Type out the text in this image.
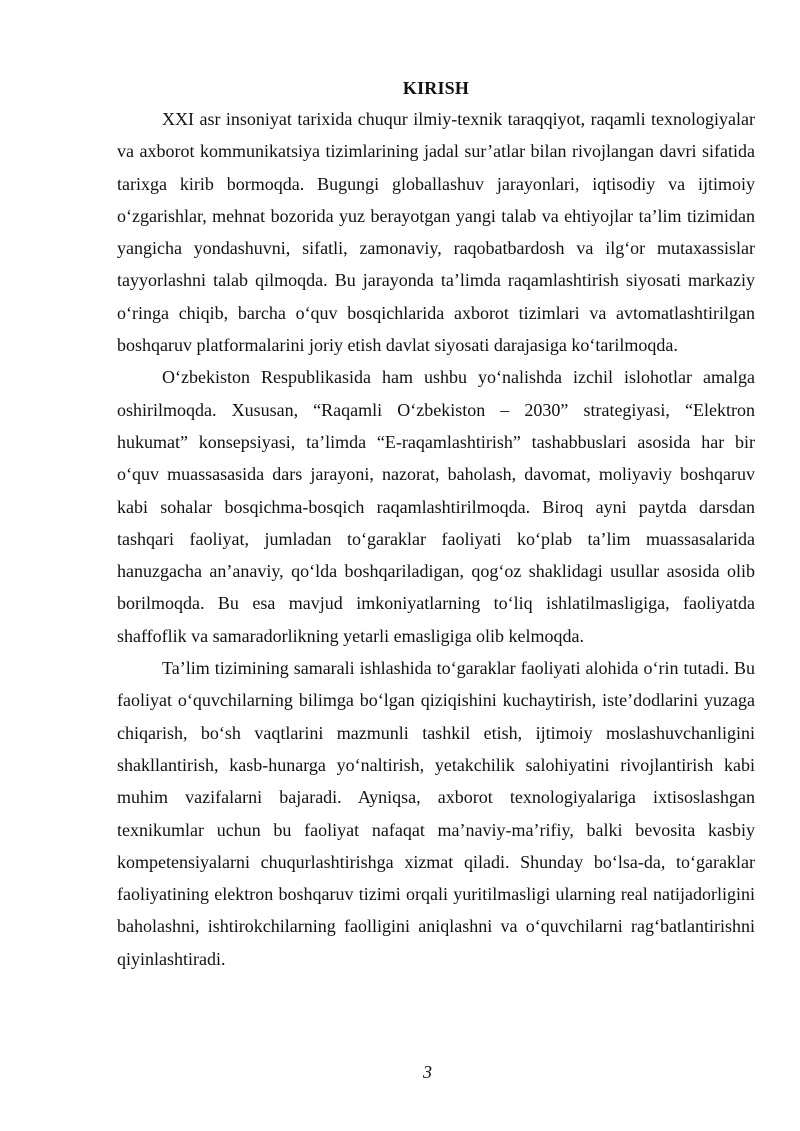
KIRISH

XXI asr insoniyat tarixida chuqur ilmiy-texnik taraqqiyot, raqamli texnologiyalar va axborot kommunikatsiya tizimlarining jadal sur’atlar bilan rivojlangan davri sifatida tarixga kirib bormoqda. Bugungi globallashuv jarayonlari, iqtisodiy va ijtimoiy o‘zgarishlar, mehnat bozorida yuz berayotgan yangi talab va ehtiyojlar ta’lim tizimidan yangicha yondashuvni, sifatli, zamonaviy, raqobatbardosh va ilg‘or mutaxassislar tayyorlashni talab qilmoqda. Bu jarayonda ta’limda raqamlashtirish siyosati markaziy o‘ringa chiqib, barcha o‘quv bosqichlarida axborot tizimlari va avtomatlashtirilgan boshqaruv platformalarini joriy etish davlat siyosati darajasiga ko‘tarilmoqda.

O‘zbekiston Respublikasida ham ushbu yo‘nalishda izchil islohotlar amalga oshirilmoqda. Xususan, “Raqamli O‘zbekiston – 2030” strategiyasi, “Elektron hukumat” konsepsiyasi, ta’limda “E-raqamlashtirish” tashabbuslari asosida har bir o‘quv muassasasida dars jarayoni, nazorat, baholash, davomat, moliyaviy boshqaruv kabi sohalar bosqichma-bosqich raqamlashtirilmoqda. Biroq ayni paytda darsdan tashqari faoliyat, jumladan to‘garaklar faoliyati ko‘plab ta’lim muassasalarida hanuzgacha an’anaviy, qo‘lda boshqariladigan, qog‘oz shaklidagi usullar asosida olib borilmoqda. Bu esa mavjud imkoniyatlarning to‘liq ishlatilmasligiga, faoliyatda shaffoflik va samaradorlikning yetarli emasligiga olib kelmoqda.

Ta’lim tizimining samarali ishlashida to‘garaklar faoliyati alohida o‘rin tutadi. Bu faoliyat o‘quvchilarning bilimga bo‘lgan qiziqishini kuchaytirish, iste’dodlarini yuzaga chiqarish, bo‘sh vaqtlarini mazmunli tashkil etish, ijtimoiy moslashuvchanligini shakllantirish, kasb-hunarga yo‘naltirish, yetakchilik salohiyatini rivojlantirish kabi muhim vazifalarni bajaradi. Ayniqsa, axborot texnologiyalariga ixtisoslashgan texnikumlar uchun bu faoliyat nafaqat ma’naviy-ma’rifiy, balki bevosita kasbiy kompetensiyalarni chuqurlashtirishga xizmat qiladi. Shunday bo‘lsa-da, to‘garaklar faoliyatining elektron boshqaruv tizimi orqali yuritilmasligi ularning real natijadorligini baholashni, ishtirokchilarning faolligini aniqlashni va o‘quvchilarni rag‘batlantirishni qiyinlashtiradi.

3
